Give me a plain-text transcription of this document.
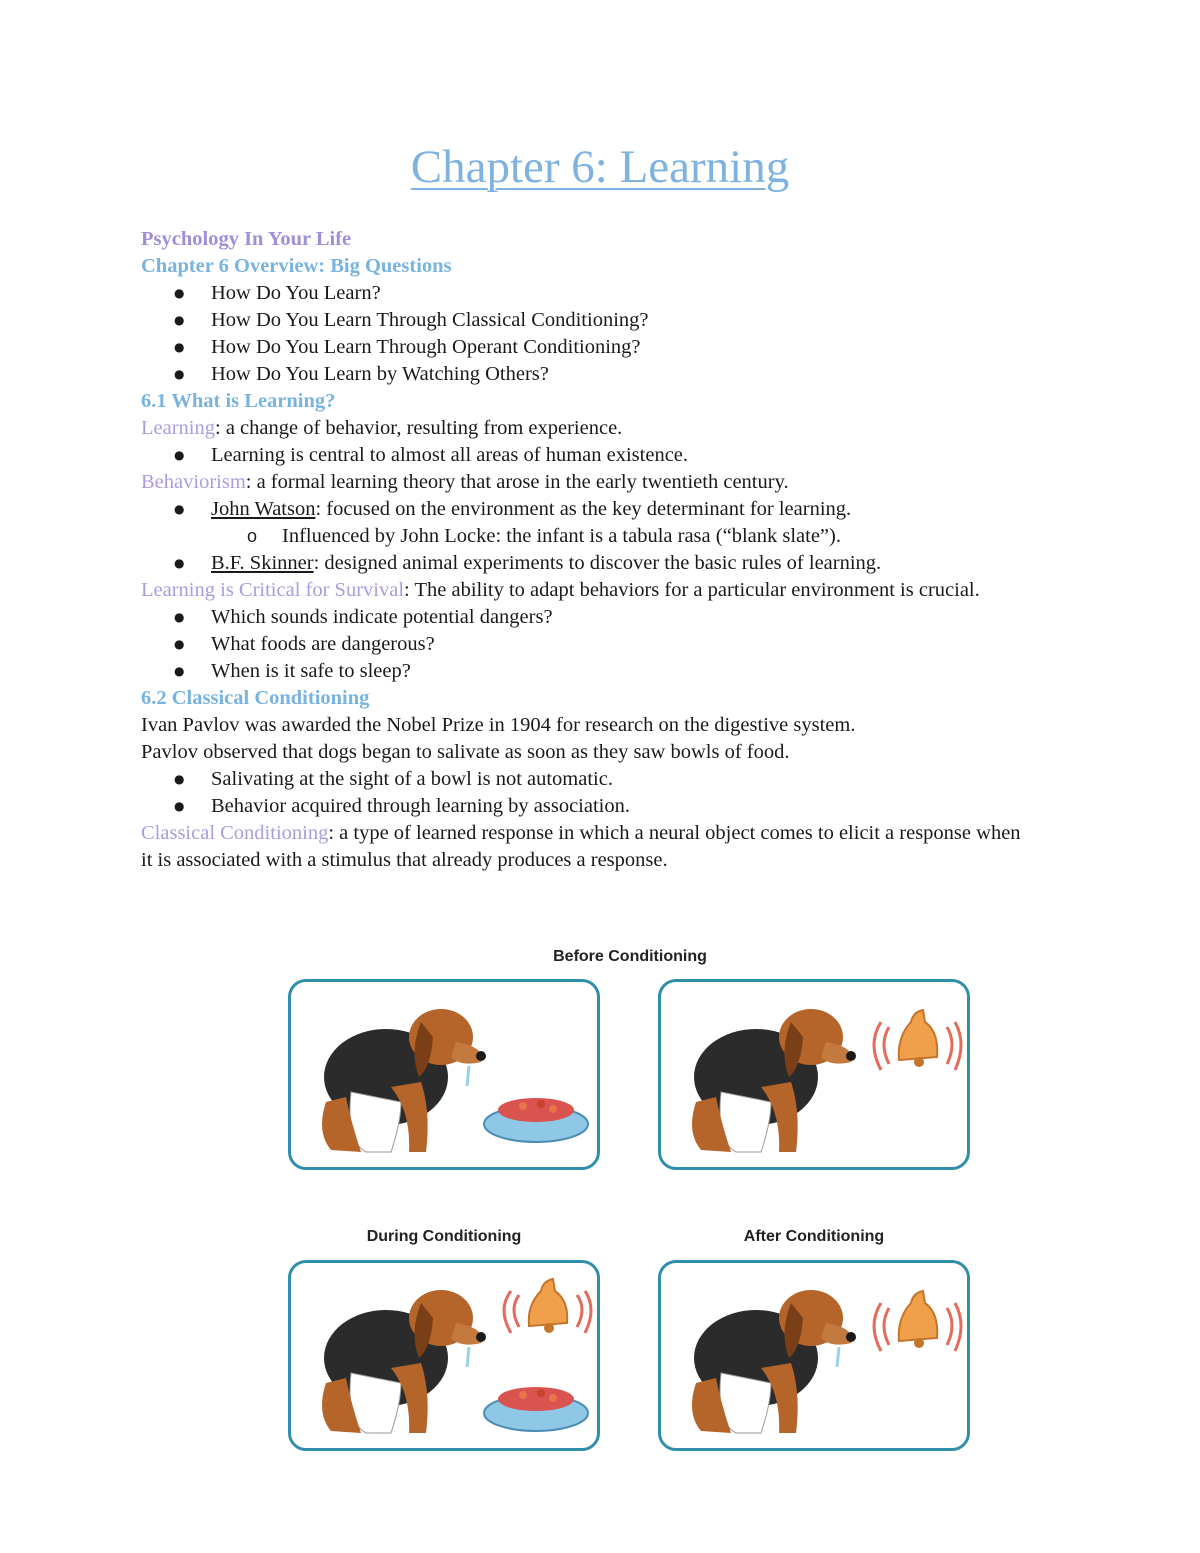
Chapter 6: Learning

Psychology In Your Life

Chapter 6 Overview: Big Questions

● How Do You Learn?
● How Do You Learn Through Classical Conditioning?
● How Do You Learn Through Operant Conditioning?
● How Do You Learn by Watching Others?

6.1 What is Learning?

Learning: a change of behavior, resulting from experience.

● Learning is central to almost all areas of human existence.

Behaviorism: a formal learning theory that arose in the early twentieth century.

● John Watson: focused on the environment as the key determinant for learning.
o Influenced by John Locke: the infant is a tabula rasa (“blank slate”).
● B.F. Skinner: designed animal experiments to discover the basic rules of learning.

Learning is Critical for Survival: The ability to adapt behaviors for a particular environment is crucial.

● Which sounds indicate potential dangers?
● What foods are dangerous?
● When is it safe to sleep?

6.2 Classical Conditioning

Ivan Pavlov was awarded the Nobel Prize in 1904 for research on the digestive system.

Pavlov observed that dogs began to salivate as soon as they saw bowls of food.

● Salivating at the sight of a bowl is not automatic.
● Behavior acquired through learning by association.

Classical Conditioning: a type of learned response in which a neural object comes to elicit a response when it is associated with a stimulus that already produces a response.

Before Conditioning
During Conditioning	After Conditioning
